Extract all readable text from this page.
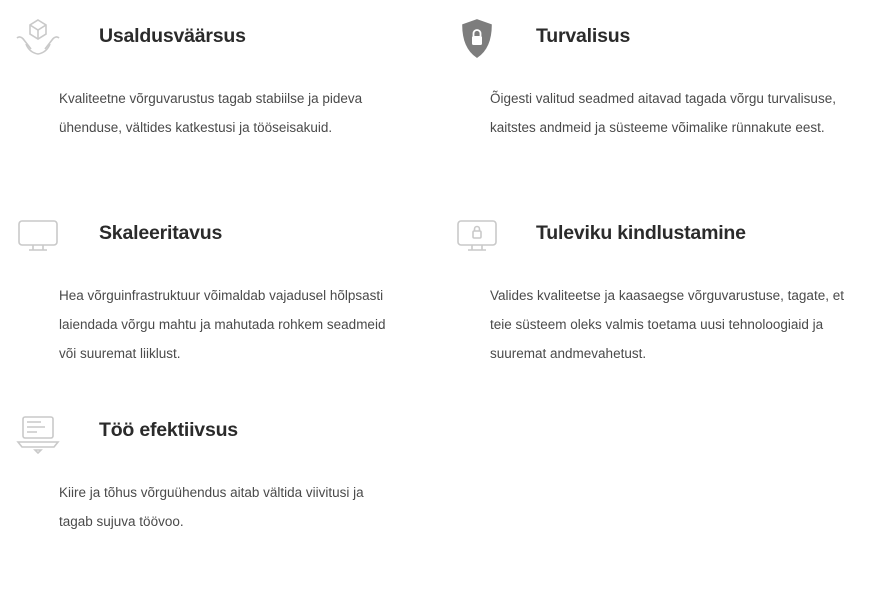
Usaldusväärsus

Kvaliteetne võrguvarustus tagab stabiilse ja pideva ühenduse, vältides katkestusi ja tööseisakuid.

Turvalisus

Õigesti valitud seadmed aitavad tagada võrgu turvalisuse, kaitstes andmeid ja süsteeme võimalike rünnakute eest.

Skaleeritavus

Hea võrguinfrastruktuur võimaldab vajadusel hõlpsasti laiendada võrgu mahtu ja mahutada rohkem seadmeid või suuremat liiklust.

Tuleviku kindlustamine

Valides kvaliteetse ja kaasaegse võrguvarustuse, tagate, et teie süsteem oleks valmis toetama uusi tehnoloogiaid ja suuremat andmevahetust.

Töö efektiivsus

Kiire ja tõhus võrguühendus aitab vältida viivitusi ja tagab sujuva töövoo.
